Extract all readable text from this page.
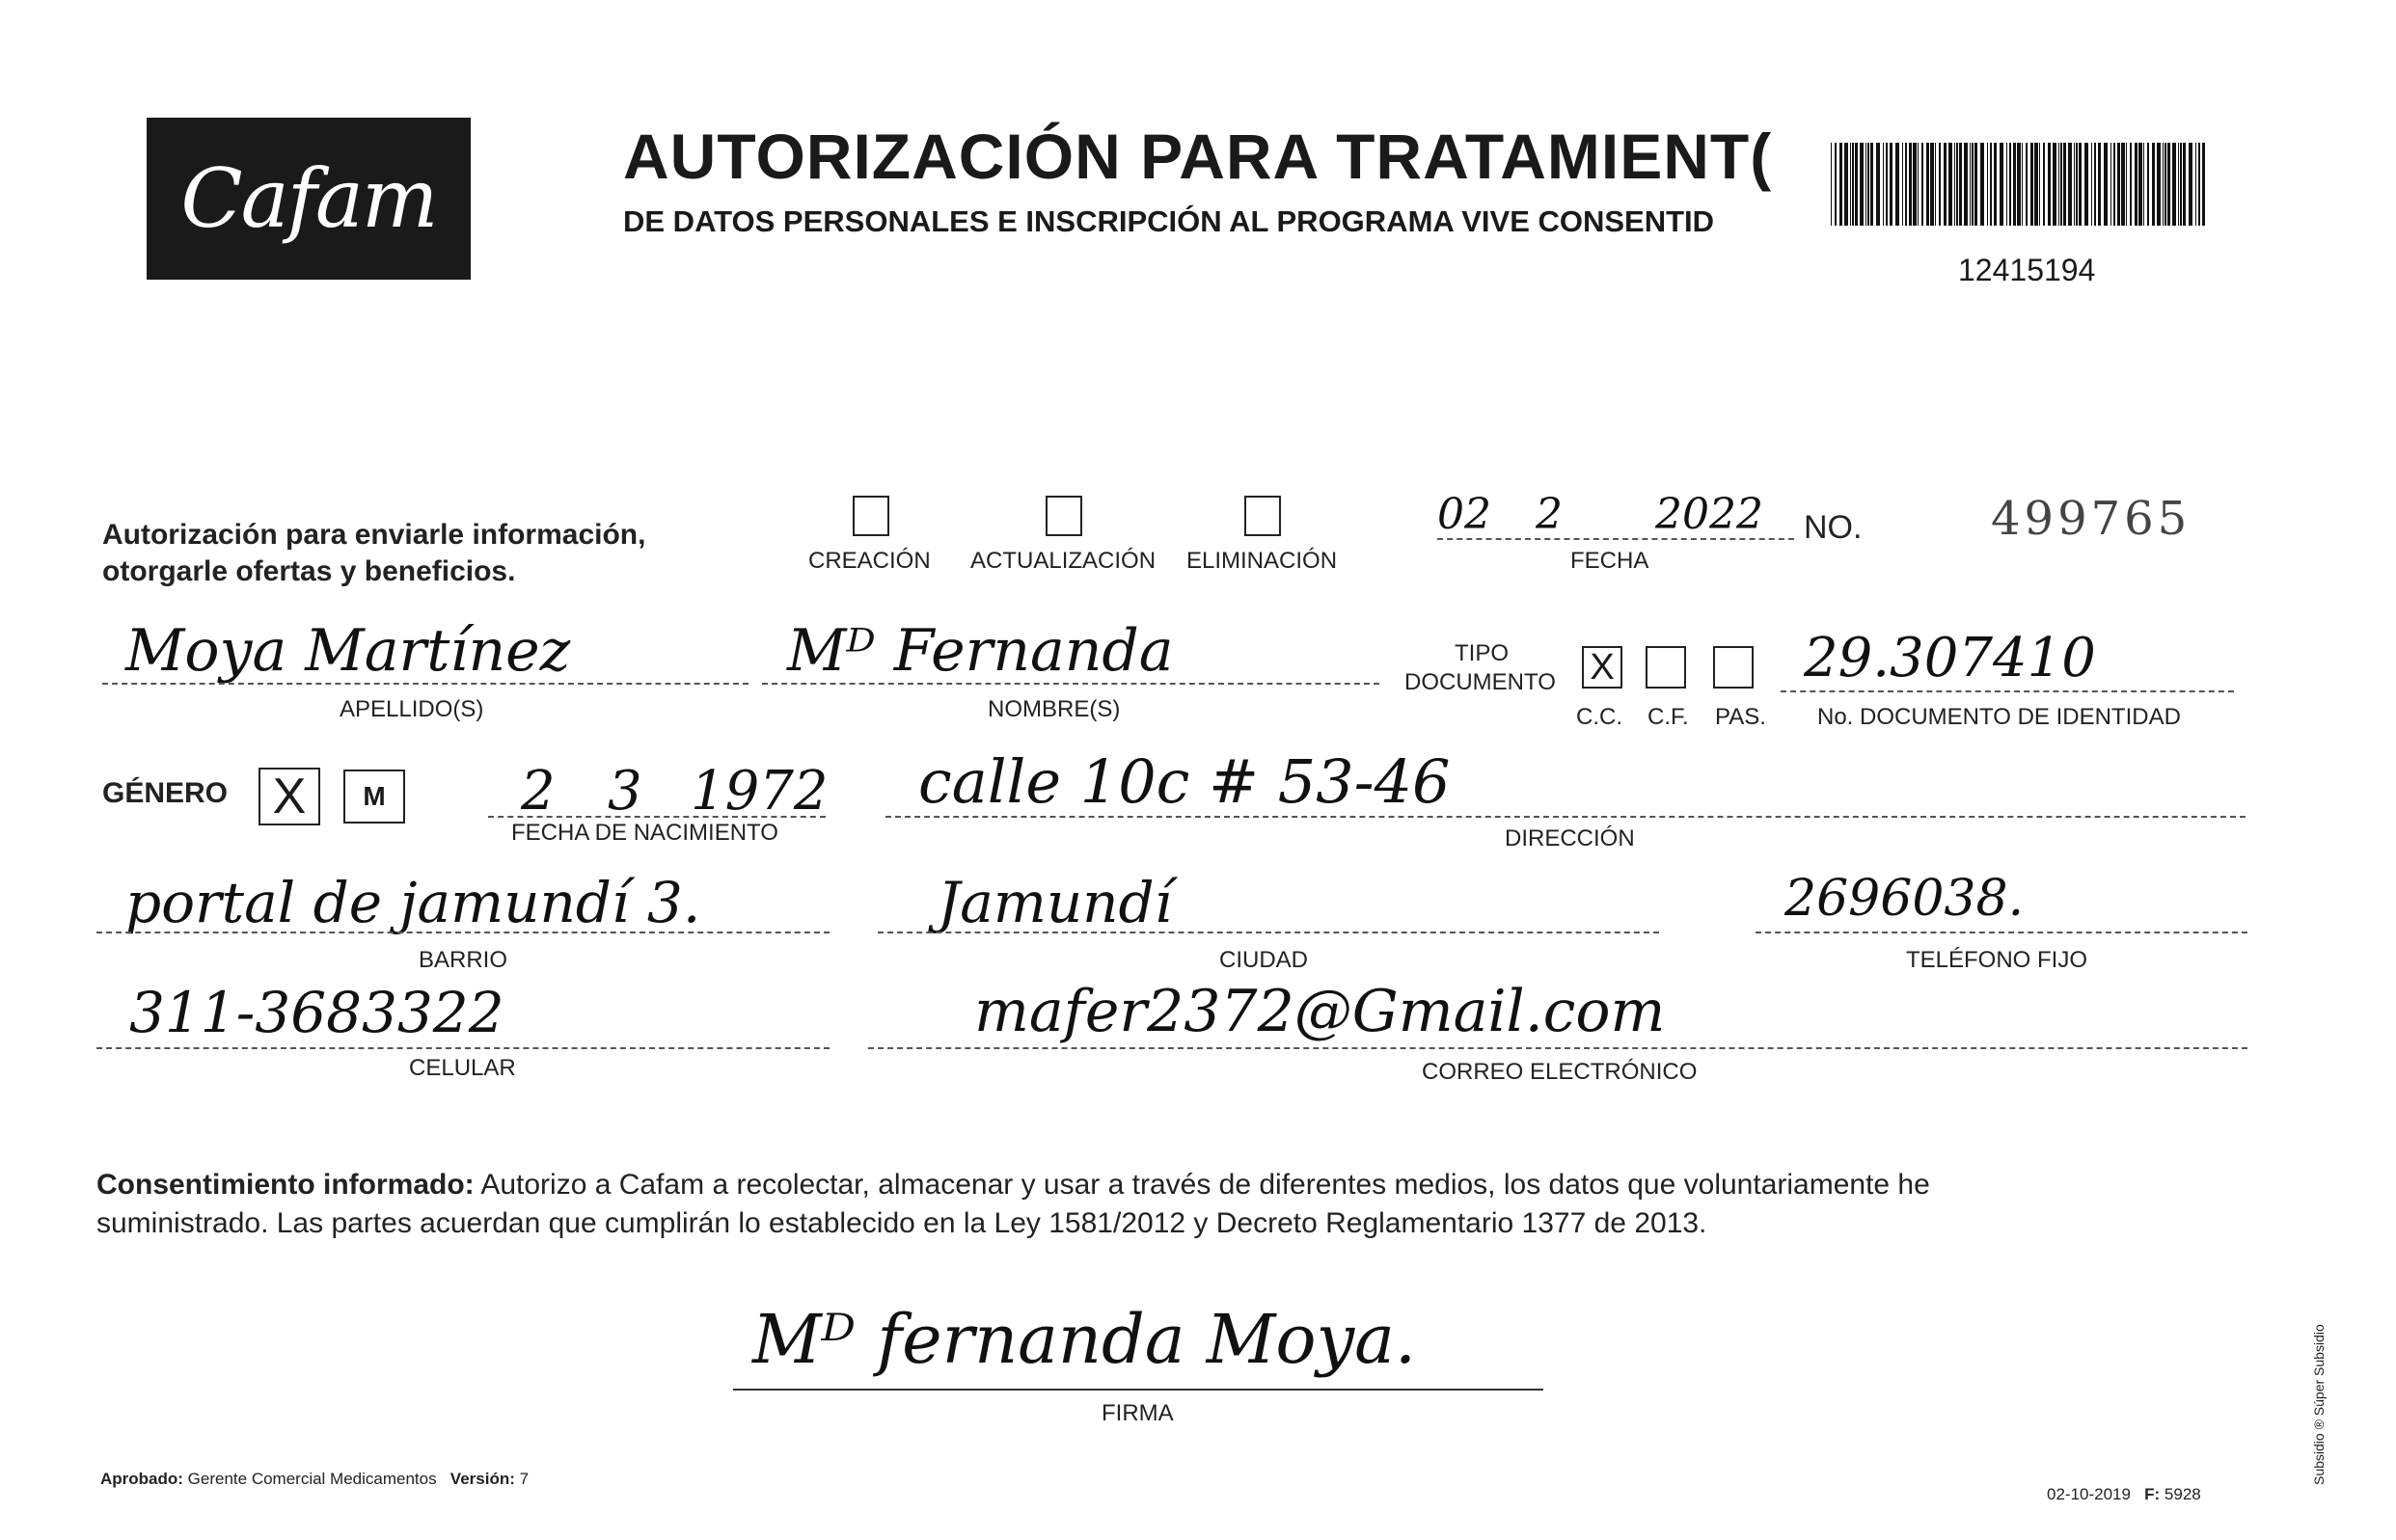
Cafam	AUTORIZACIÓN PARA TRATAMIENT(
DE DATOS PERSONALES E INSCRIPCIÓN AL PROGRAMA VIVE CONSENTID
12415194
Autorización para enviarle información,
otorgarle ofertas y beneficios.	CREACIÓN ACTUALIZACIÓN ELIMINACIÓN
02 2 2022
FECHA
NO.	499765
Moya Martínez
APELLIDO(S)
Mᴰ Fernanda
NOMBRE(S)
TIPO
DOCUMENTO X
C.C. C.F. PAS.
29.307410
No. DOCUMENTO DE IDENTIDAD
GÉNERO X M	2 3 1972
FECHA DE NACIMIENTO
calle 10c # 53-46
DIRECCIÓN
portal de jamundí 3.
BARRIO
Jamundí
CIUDAD
2696038.
TELÉFONO FIJO
311-3683322
CELULAR
mafer2372@Gmail.com
CORREO ELECTRÓNICO
Consentimiento informado: Autorizo a Cafam a recolectar, almacenar y usar a través de diferentes medios, los datos que voluntariamente he
suministrado. Las partes acuerdan que cumplirán lo establecido en la Ley 1581/2012 y Decreto Reglamentario 1377 de 2013.
Mᴰ fernanda Moya.
FIRMA
Aprobado: Gerente Comercial Medicamentos Versión: 7
02-10-2019 F: 5928
Subsidio ® Súper Subsidio
